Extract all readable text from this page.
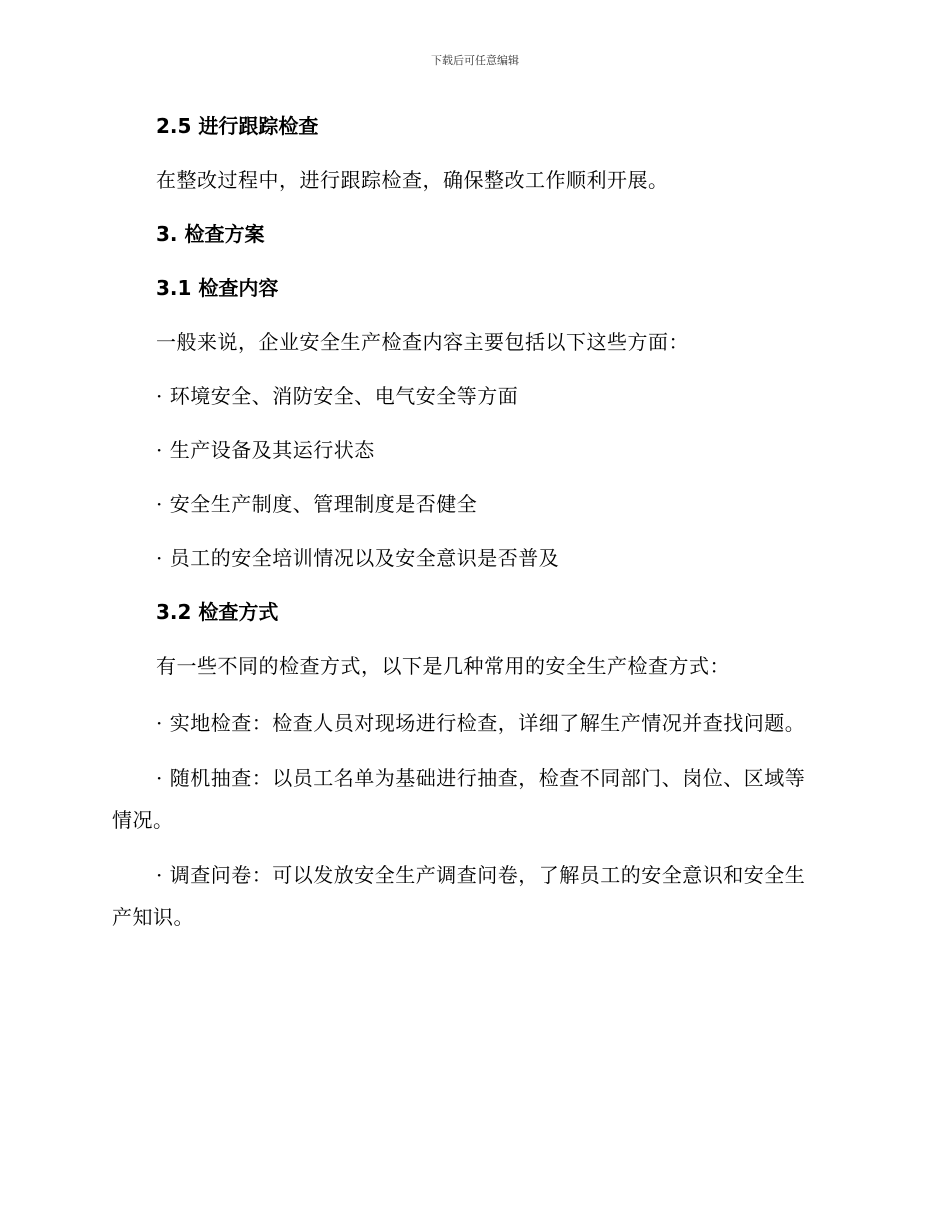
下载后可任意编辑
2.5 进行跟踪检查

在整改过程中，进行跟踪检查，确保整改工作顺利开展。

3. 检查方案
3.1 检查内容

一般来说，企业安全生产检查内容主要包括以下这些方面：

· 环境安全、消防安全、电气安全等方面

· 生产设备及其运行状态

· 安全生产制度、管理制度是否健全

· 员工的安全培训情况以及安全意识是否普及

3.2 检查方式

有一些不同的检查方式，以下是几种常用的安全生产检查方式：

· 实地检查：检查人员对现场进行检查，详细了解生产情况并查找问题。

· 随机抽查：以员工名单为基础进行抽查，检查不同部门、岗位、区域等情况。

· 调查问卷：可以发放安全生产调查问卷，了解员工的安全意识和安全生产知识。
